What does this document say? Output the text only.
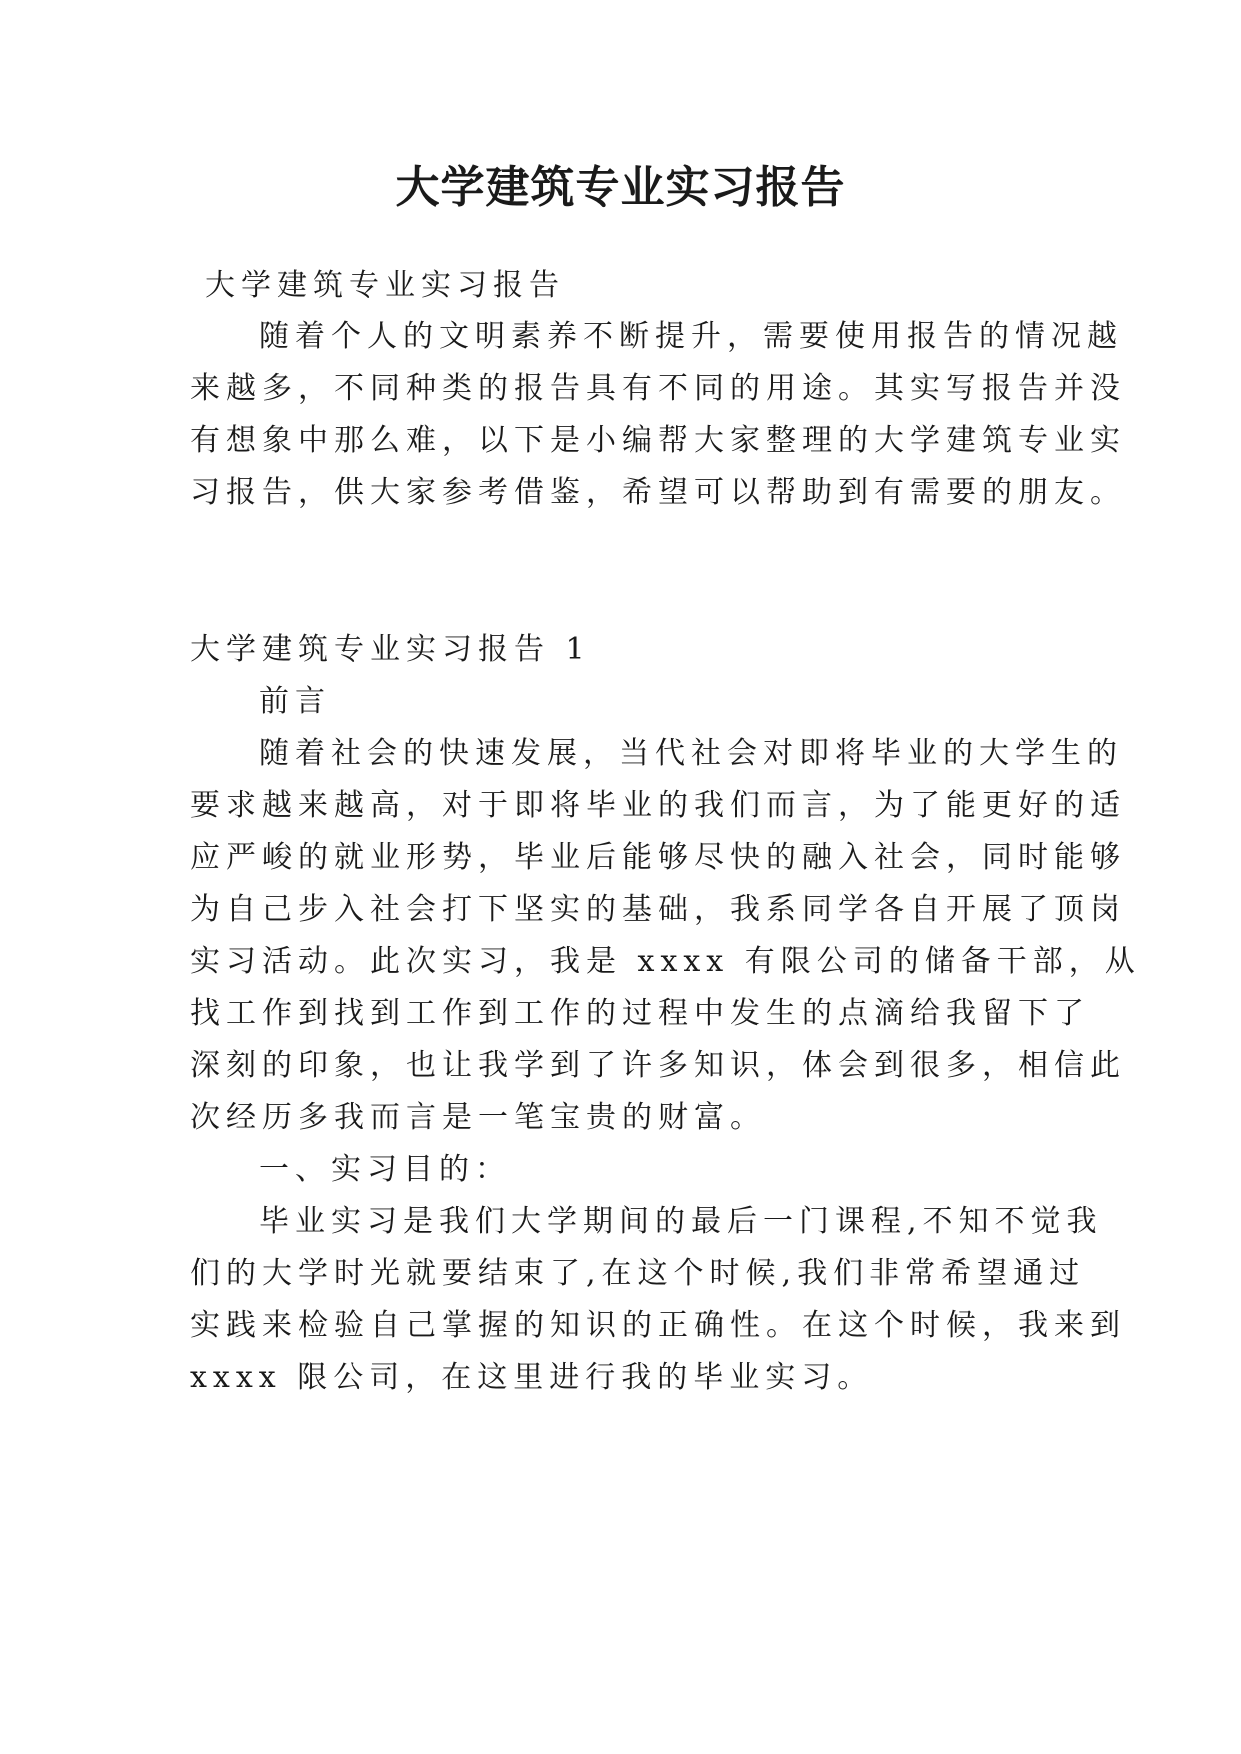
大学建筑专业实习报告
大学建筑专业实习报告
随着个人的文明素养不断提升，需要使用报告的情况越
来越多，不同种类的报告具有不同的用途。其实写报告并没
有想象中那么难，以下是小编帮大家整理的大学建筑专业实
习报告，供大家参考借鉴，希望可以帮助到有需要的朋友。
大学建筑专业实习报告 1
前言
随着社会的快速发展，当代社会对即将毕业的大学生的
要求越来越高，对于即将毕业的我们而言，为了能更好的适
应严峻的就业形势，毕业后能够尽快的融入社会，同时能够
为自己步入社会打下坚实的基础，我系同学各自开展了顶岗
实习活动。此次实习，我是 xxxx 有限公司的储备干部，从
找工作到找到工作到工作的过程中发生的点滴给我留下了
深刻的印象，也让我学到了许多知识，体会到很多，相信此
次经历多我而言是一笔宝贵的财富。
一、实习目的：
毕业实习是我们大学期间的最后一门课程,不知不觉我
们的大学时光就要结束了,在这个时候,我们非常希望通过
实践来检验自己掌握的知识的正确性。在这个时候，我来到
xxxx 限公司，在这里进行我的毕业实习。
